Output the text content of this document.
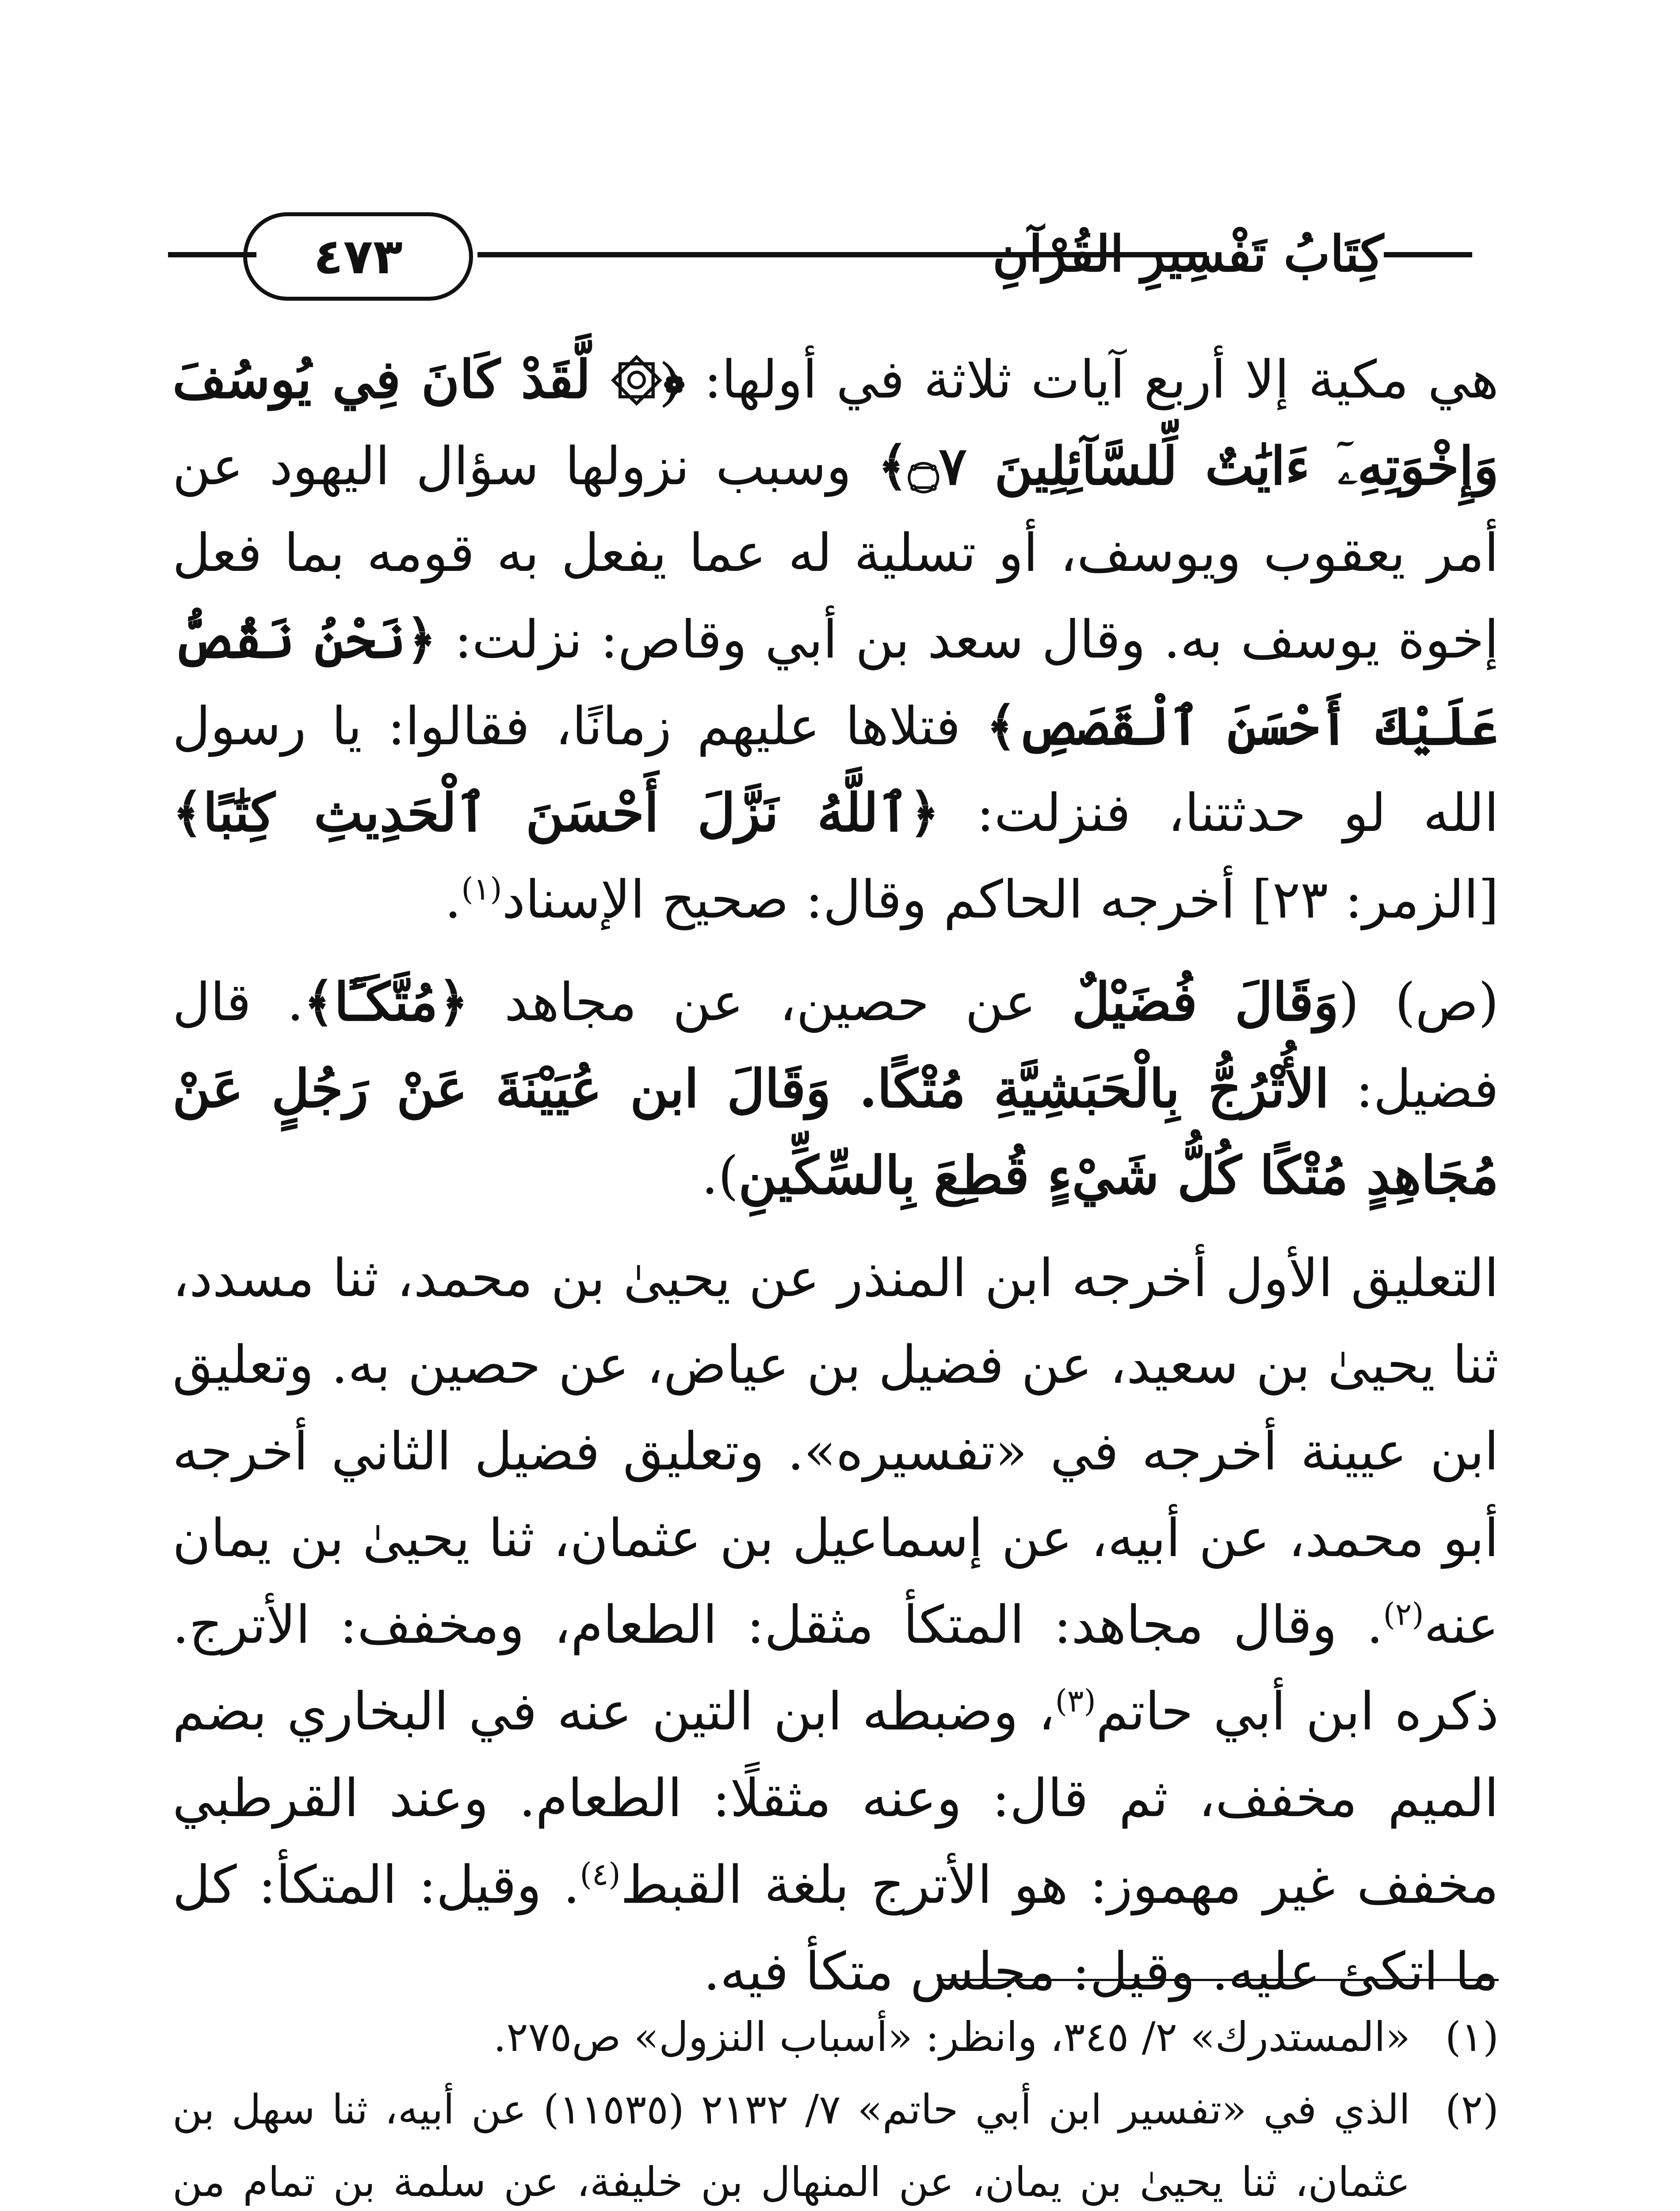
٤٧٣	كِتَابُ تَفْسِيرِ القُرْآنِ

هي مكية إلا أربع آيات ثلاثة في أولها: ﴿۞ لَّقَدْ كَانَ فِي يُوسُفَ وَإِخْوَتِهِۦٓ ءَايَٰتٌ لِّلسَّآئِلِينَ ۝٧﴾ وسبب نزولها سؤال اليهود عن أمر يعقوب ويوسف، أو تسلية له عما يفعل به قومه بما فعل إخوة يوسف به. وقال سعد بن أبي وقاص: نزلت: ﴿نَحْنُ نَقُصُّ عَلَيْكَ أَحْسَنَ ٱلْقَصَصِ﴾ فتلاها عليهم زمانًا، فقالوا: يا رسول الله لو حدثتنا، فنزلت: ﴿ٱللَّهُ نَزَّلَ أَحْسَنَ ٱلْحَدِيثِ كِتَٰبًا﴾ [الزمر: ٢٣] أخرجه الحاكم وقال: صحيح الإسناد$^{(١)}$.

(ص) (وَقَالَ فُضَيْلٌ عن حصين، عن مجاهد ﴿مُتَّكَـًٔا﴾. قال فضيل: الأُتْرُجُّ بِالْحَبَشِيَّةِ مُتْكًا. وَقَالَ ابن عُيَيْنَةَ عَنْ رَجُلٍ عَنْ مُجَاهِدٍ مُتْكًا كُلُّ شَيْءٍ قُطِعَ بِالسِّكِّينِ).

التعليق الأول أخرجه ابن المنذر عن يحيىٰ بن محمد، ثنا مسدد، ثنا يحيىٰ بن سعيد، عن فضيل بن عياض، عن حصين به. وتعليق ابن عيينة أخرجه في «تفسيره». وتعليق فضيل الثاني أخرجه أبو محمد، عن أبيه، عن إسماعيل بن عثمان، ثنا يحيىٰ بن يمان عنه$^{(٢)}$. وقال مجاهد: المتكأ مثقل: الطعام، ومخفف: الأترج. ذكره ابن أبي حاتم$^{(٣)}$، وضبطه ابن التين عنه في البخاري بضم الميم مخفف، ثم قال: وعنه مثقلًا: الطعام. وعند القرطبي مخفف غير مهموز: هو الأترج بلغة القبط$^{(٤)}$. وقيل: المتكأ: كل ما اتكئ عليه. وقيل: مجلس متكأ فيه.

(١)
«المستدرك» ٢/ ٣٤٥، وانظر: «أسباب النزول» ص٢٧٥.
(٢)
الذي في «تفسير ابن أبي حاتم» ٧/ ٢١٣٢ (١١٥٣٥) عن أبيه، ثنا سهل بن عثمان، ثنا يحيىٰ بن يمان، عن المنهال بن خليفة، عن سلمة بن تمام من
